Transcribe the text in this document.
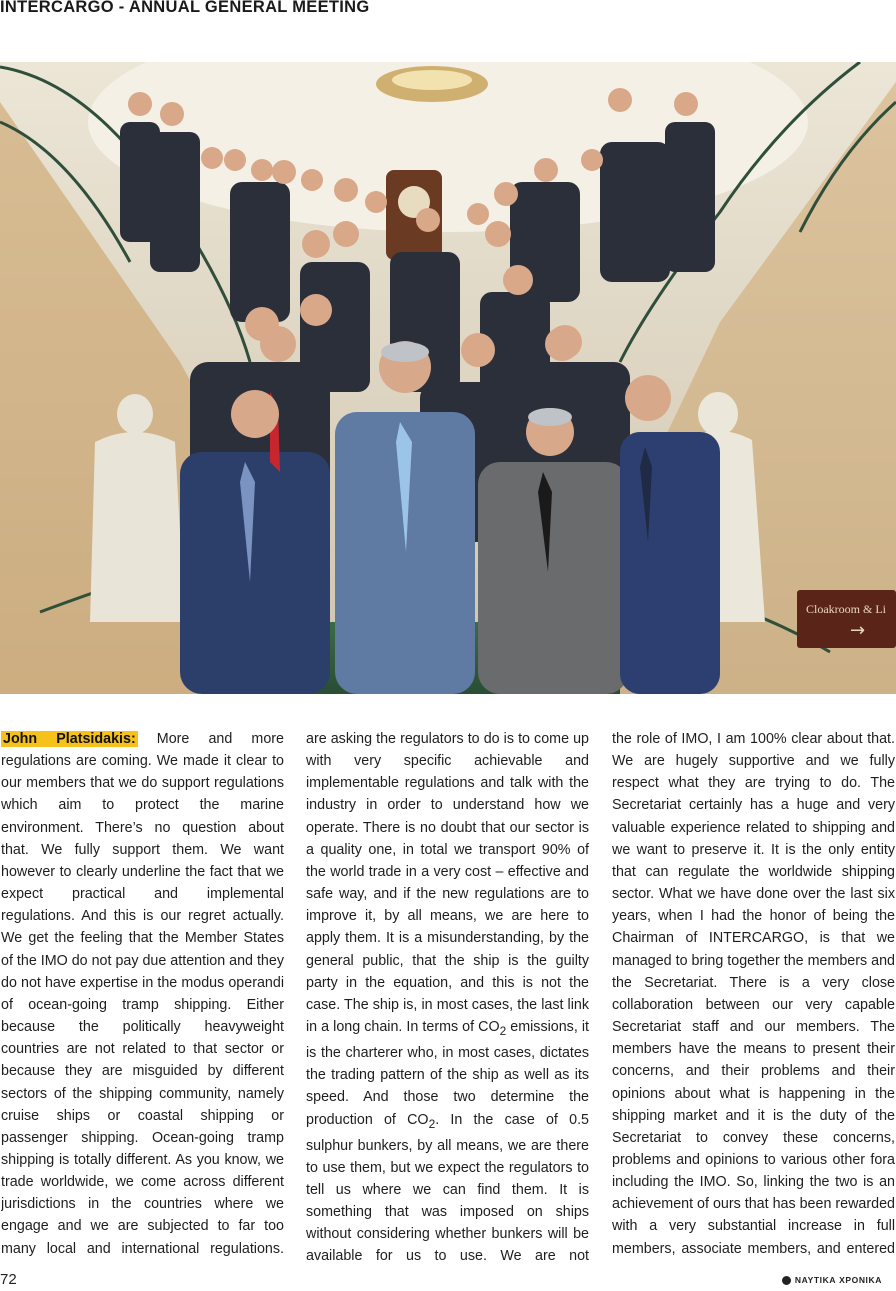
INTERCARGO - ANNUAL GENERAL MEETING
Cloakroom & Li
→
John Platsidakis: More and more regulations are coming. We made it clear to our members that we do support regulations which aim to protect the marine environment. There’s no question about that. We fully support them. We want however to clearly underline the fact that we expect practical and implemental regulations. And this is our regret actually. We get the feeling that the Member States of the IMO do not pay due attention and they do not have expertise in the modus operandi of ocean-going tramp shipping. Either because the politically heavyweight countries are not related to that sector or because they are misguided by different sectors of the shipping community, namely cruise ships or coastal shipping or passenger shipping. Ocean-going tramp shipping is totally different. As you know, we trade worldwide, we come across different jurisdictions in the countries where we engage and we are subjected to far too many local and international regulations.
are asking the regulators to do is to come up with very specific achievable and implementable regulations and talk with the industry in order to understand how we operate. There is no doubt that our sector is a quality one, in total we transport 90% of the world trade in a very cost – effective and safe way, and if the new regulations are to improve it, by all means, we are here to apply them. It is a misunderstanding, by the general public, that the ship is the guilty party in the equation, and this is not the case. The ship is, in most cases, the last link in a long chain. In terms of $CO_2$ emissions, it is the charterer who, in most cases, dictates the trading pattern of the ship as well as its speed. And those two determine the production of $CO_2$. In the case of 0.5 sulphur bunkers, by all means, we are there to use them, but we expect the regulators to tell us where we can find them. It is something that was imposed on ships without considering whether bunkers will be available for us to use. We are not
the role of IMO, I am 100% clear about that. We are hugely supportive and we fully respect what they are trying to do. The Secretariat certainly has a huge and very valuable experience related to shipping and we want to preserve it. It is the only entity that can regulate the worldwide shipping sector. What we have done over the last six years, when I had the honor of being the Chairman of INTERCARGO, is that we managed to bring together the members and the Secretariat. There is a very close collaboration between our very capable Secretariat staff and our members. The members have the means to present their concerns, and their problems and their opinions about what is happening in the shipping market and it is the duty of the Secretariat to convey these concerns, problems and opinions to various other fora including the IMO. So, linking the two is an achievement of ours that has been rewarded with a very substantial increase in full members, associate members, and entered
72	ΝΑΥΤΙΚΑ ΧΡΟΝΙΚΑ
